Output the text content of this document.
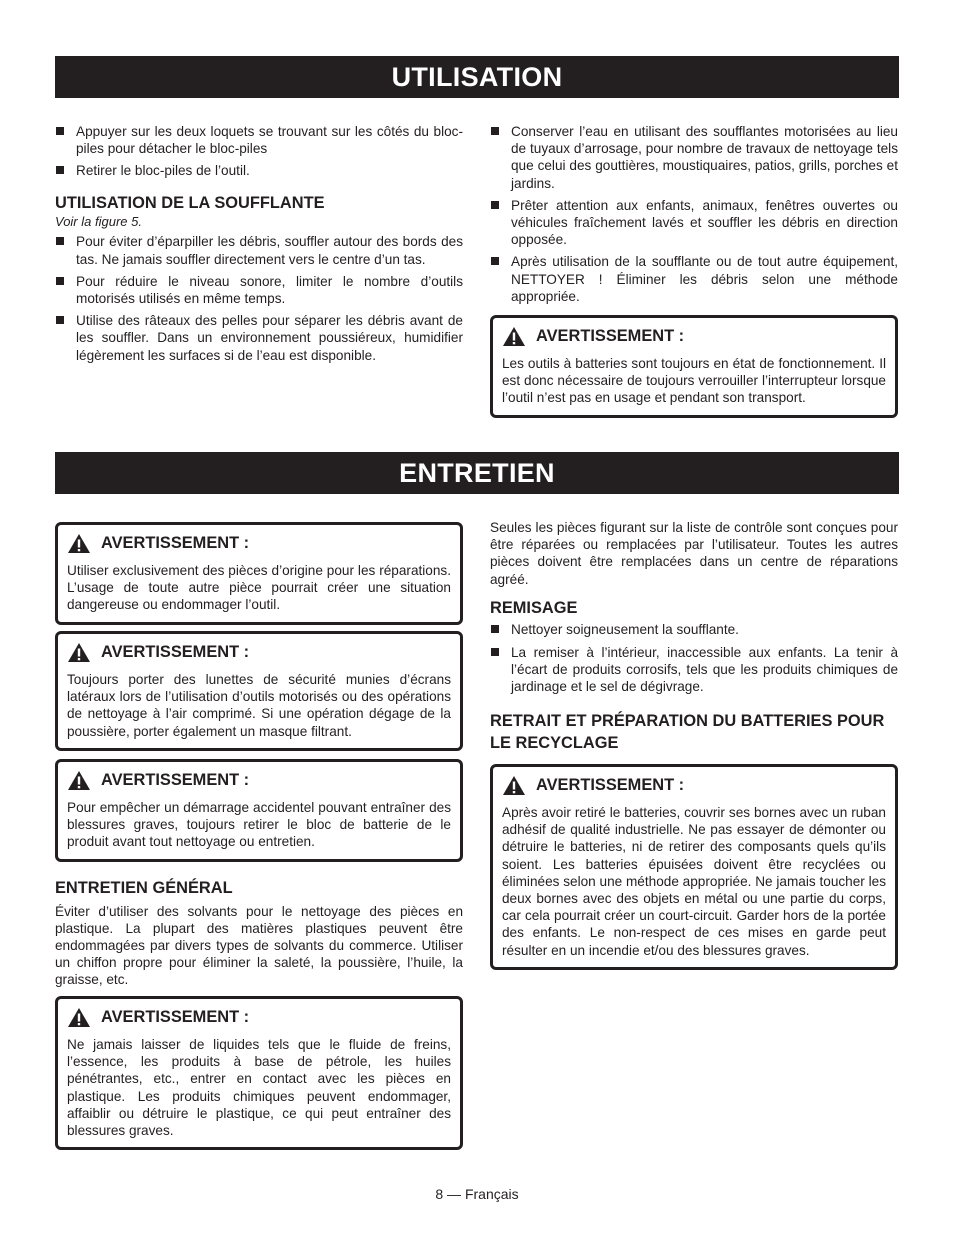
UTILISATION
Appuyer sur les deux loquets se trouvant sur les côtés du bloc-piles pour détacher le bloc-piles
Retirer le bloc-piles de l’outil.
UTILISATION DE LA SOUFFLANTE
Voir la figure 5.
Pour éviter d’éparpiller les débris, souffler autour des bords des tas. Ne jamais souffler directement vers le centre d’un tas.
Pour réduire le niveau sonore, limiter le nombre d’outils motorisés utilisés en même temps.
Utilise des râteaux des pelles pour séparer les débris avant de les souffler. Dans un environnement poussiéreux, humidifier légèrement les surfaces si de l’eau est disponible.
Conserver l’eau en utilisant des soufflantes motorisées au lieu de tuyaux d’arrosage, pour nombre de travaux de nettoyage tels que celui des gouttières, moustiquaires, patios, grills, porches et jardins.
Prêter attention aux enfants, animaux, fenêtres ouvertes ou véhicules fraîchement lavés et souffler les débris en direction opposée.
Après utilisation de la soufflante ou de tout autre équipement, NETTOYER ! Éliminer les débris selon une méthode appropriée.
AVERTISSEMENT :
Les outils à batteries sont toujours en état de fonctionnement. Il est donc nécessaire de toujours verrouiller l’interrupteur lorsque l’outil n’est pas en usage et pendant son transport.
ENTRETIEN
AVERTISSEMENT :
Utiliser exclusivement des pièces d’origine pour les réparations. L’usage de toute autre pièce pourrait créer une situation dangereuse ou endommager l’outil.
AVERTISSEMENT :
Toujours porter des lunettes de sécurité munies d’écrans latéraux lors de l’utilisation d’outils motorisés ou des opérations de nettoyage à l’air comprimé. Si une opération dégage de la poussière, porter également un masque filtrant.
AVERTISSEMENT :
Pour empêcher un démarrage accidentel pouvant entraîner des blessures graves, toujours retirer le bloc de batterie de le produit avant tout nettoyage ou entretien.
ENTRETIEN GÉNÉRAL

Éviter d’utiliser des solvants pour le nettoyage des pièces en plastique. La plupart des matières plastiques peuvent être endommagées par divers types de solvants du commerce. Utiliser un chiffon propre pour éliminer la saleté, la poussière, l’huile, la graisse, etc.

AVERTISSEMENT :
Ne jamais laisser de liquides tels que le fluide de freins, l’essence, les produits à base de pétrole, les huiles pénétrantes, etc., entrer en contact avec les pièces en plastique. Les produits chimiques peuvent endommager, affaiblir ou détruire le plastique, ce qui peut entraîner des blessures graves.

Seules les pièces figurant sur la liste de contrôle sont conçues pour être réparées ou remplacées par l’utilisateur. Toutes les autres pièces doivent être remplacées dans un centre de réparations agréé.

REMISAGE
Nettoyer soigneusement la soufflante.
La remiser à l’intérieur, inaccessible aux enfants. La tenir à l’écart de produits corrosifs, tels que les produits chimiques de jardinage et le sel de dégivrage.
RETRAIT ET PRÉPARATION DU BATTERIES POUR LE RECYCLAGE
AVERTISSEMENT :
Après avoir retiré le batteries, couvrir ses bornes avec un ruban adhésif de qualité industrielle. Ne pas essayer de démonter ou détruire le batteries, ni de retirer des composants quels qu’ils soient. Les batteries épuisées doivent être recyclées ou éliminées selon une méthode appropriée. Ne jamais toucher les deux bornes avec des objets en métal ou une partie du corps, car cela pourrait créer un court-circuit. Garder hors de la portée des enfants. Le non-respect de ces mises en garde peut résulter en un incendie et/ou des blessures graves.
8 — Français
